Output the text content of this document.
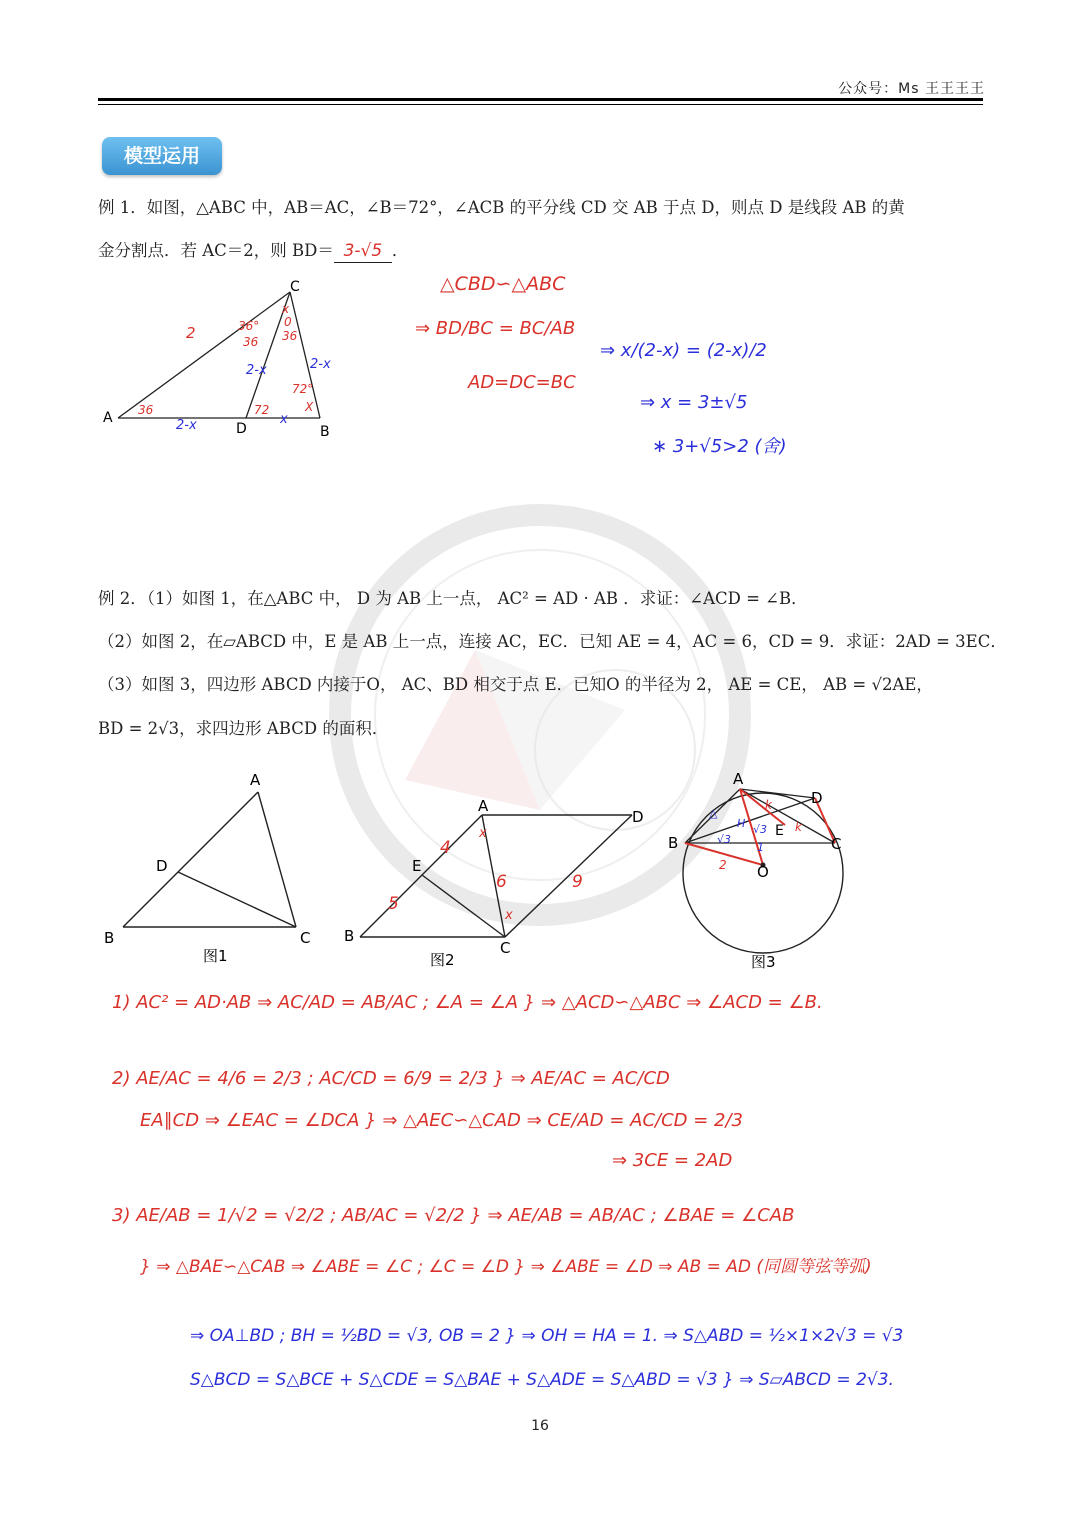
公众号：Ms 王王王王
模型运用
例 1．如图，△ABC 中，AB＝AC，∠B＝72°，∠ACB 的平分线 CD 交 AB 于点 D，则点 D 是线段 AB 的黄
金分割点．若 AC＝2，则 BD＝ 3-√5 ．
A
B
C
D
2	36°
36
x
0
36
72°
X
36	72
2-x	2-x
2-x	x
△CBD∽△ABC
⇒ BD/BC = BC/AB
AD=DC=BC
⇒ x/(2-x) = (2-x)/2
⇒ x = 3±√5
∗ 3+√5>2 (舍)
例 2．（1）如图 1，在△ABC 中， D 为 AB 上一点， AC² = AD · AB ．求证：∠ACD = ∠B．
（2）如图 2，在▱ABCD 中，E 是 AB 上一点，连接 AC，EC．已知 AE = 4，AC = 6，CD = 9．求证：2AD = 3EC．
（3）如图 3，四边形 ABCD 内接于O， AC、BD 相交于点 E．已知O 的半径为 2， AE = CE， AB = √2AE，
BD = 2√3，求四边形 ABCD 的面积．
A
B	C
D
图1
A
B
C
D
E
4
5
6	9
x
x
图2
A
B	C
D
E
O
H
√3
√3
1
△
k
k
2
图3
1) AC² = AD·AB ⇒ AC/AD = AB/AC ; ∠A = ∠A } ⇒ △ACD∽△ABC ⇒ ∠ACD = ∠B.
2) AE/AC = 4/6 = 2/3 ; AC/CD = 6/9 = 2/3 } ⇒ AE/AC = AC/CD
EA∥CD ⇒ ∠EAC = ∠DCA } ⇒ △AEC∽△CAD ⇒ CE/AD = AC/CD = 2/3
⇒ 3CE = 2AD
3) AE/AB = 1/√2 = √2/2 ; AB/AC = √2/2 } ⇒ AE/AB = AB/AC ; ∠BAE = ∠CAB
} ⇒ △BAE∽△CAB ⇒ ∠ABE = ∠C ; ∠C = ∠D } ⇒ ∠ABE = ∠D ⇒ AB = AD (同圆等弦等弧)
⇒ OA⊥BD ; BH = ½BD = √3, OB = 2 } ⇒ OH = HA = 1. ⇒ S△ABD = ½×1×2√3 = √3
S△BCD = S△BCE + S△CDE = S△BAE + S△ADE = S△ABD = √3 } ⇒ S▱ABCD = 2√3.
16
